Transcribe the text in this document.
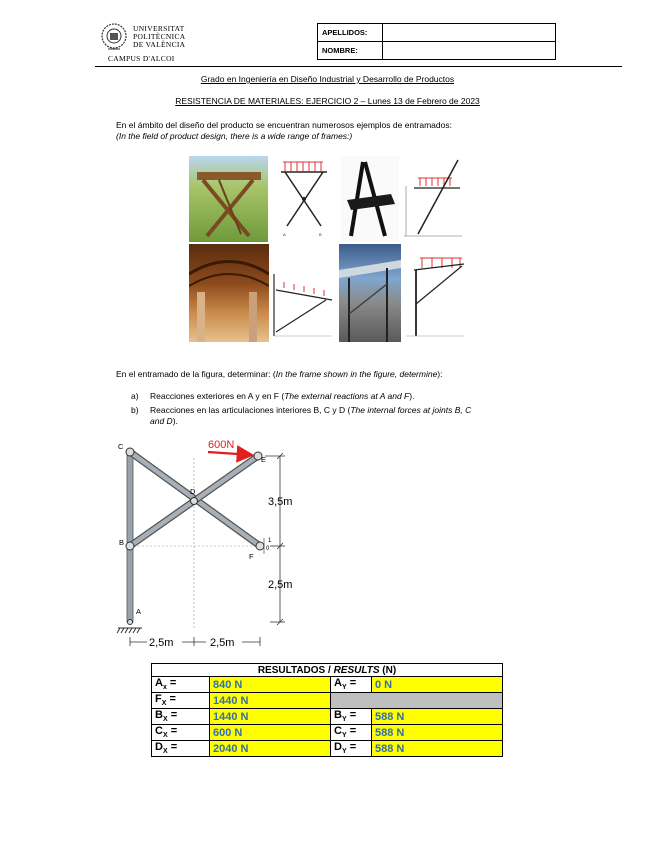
UNIVERSITAT
POLITÈCNICA
DE VALÈNCIA
CAMPUS D'ALCOI
APELLIDOS:	
NOMBRE:	
Grado en Ingeniería en Diseño Industrial y Desarrollo de Productos
RESISTENCIA DE MATERIALES: EJERCICIO 2 – Lunes 13 de Febrero de 2023
En el ámbito del diseño del producto se encuentran numerosos ejemplos de entramados:
(In the field of product design, there is a wide range of frames:)
A	B
En el entramado de la figura, determinar: (In the frame shown in the figure, determine):
a) Reacciones exteriores en A y en F (The external reactions at A and F).
b) Reacciones en las articulaciones interiores B, C y D (The internal forces at joints B, C
and D).
600N
C
E
D
B
F
A
1
0
3,5m
2,5m
2,5m	2,5m
RESULTADOS / RESULTS (N)			
$A_x$ =	840 N	$A_Y$ =	0 N
$F_X$ =	1440 N		
$B_X$ =	1440 N	$B_Y$ =	588 N
$C_X$ =	600 N	$C_Y$ =	588 N
$D_X$ =	2040 N	$D_Y$ =	588 N
